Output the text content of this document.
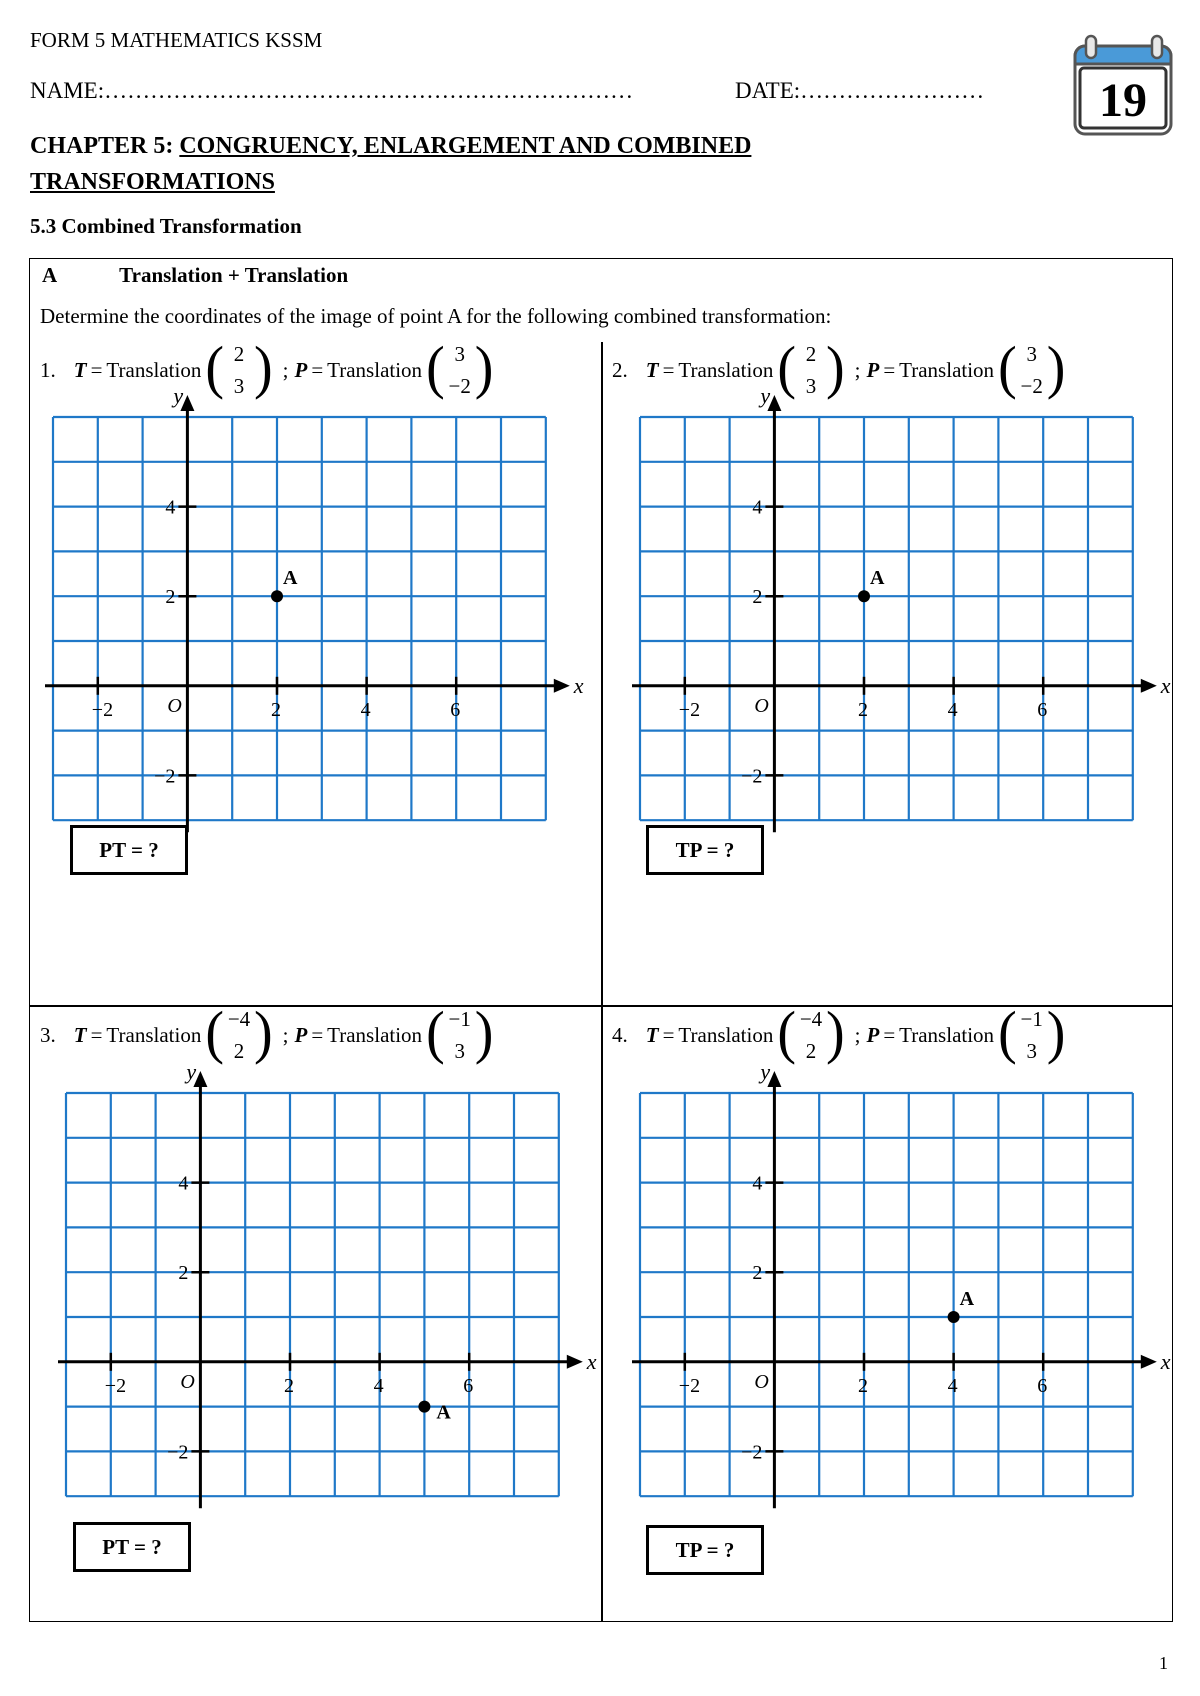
FORM 5 MATHEMATICS KSSM
NAME:……………………………………………………………	DATE:…………………… 19
CHAPTER 5: CONGRUENCY, ENLARGEMENT AND COMBINED
TRANSFORMATIONS
5.3 Combined Transformation
A	Translation + Translation
Determine the coordinates of the image of point A for the following combined transformation:
1. T = Translation ( 2
3 ) ; P = Translation ( 3
−2 )
x
y
O
−2	2	4	6
4
2
−2
A
PT = ?
2. T = Translation ( 2
3 ) ; P = Translation ( 3
−2 )
x
y
O
−2	2	4	6
4
2
−2
A
TP = ?
3. T = Translation ( −4
2 ) ; P = Translation ( −1
3 )
x
y
O
−2	2	4	6
4
2
−2
A
PT = ?
4. T = Translation ( −4
2 ) ; P = Translation ( −1
3 )
x
y
O
−2	2	4	6
4
2
−2
A
TP = ?
1
